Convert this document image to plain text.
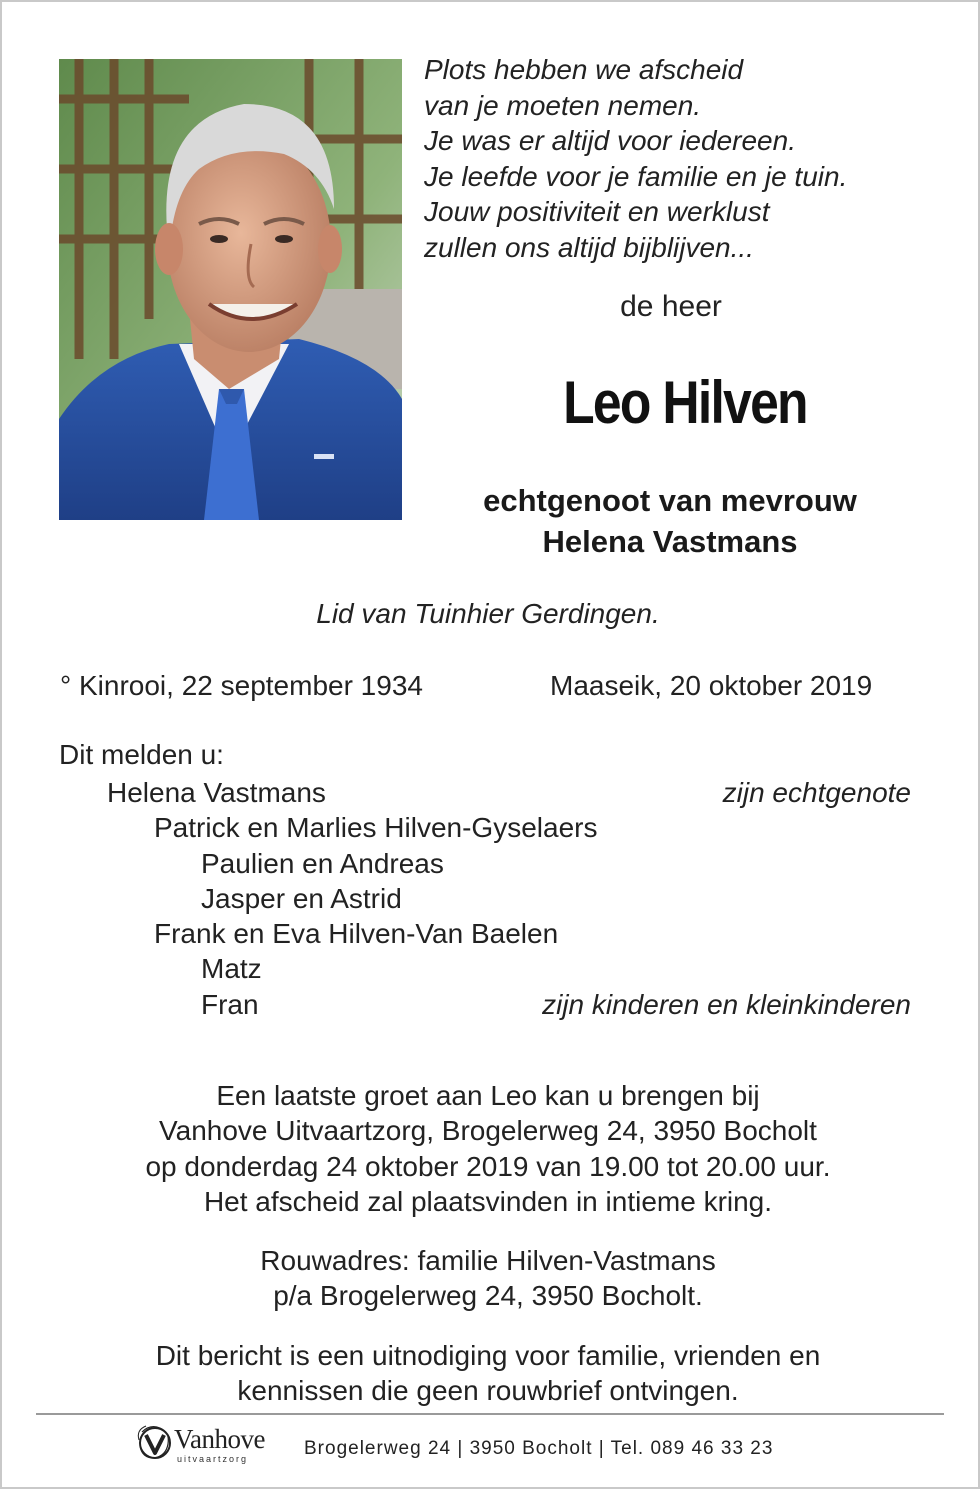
Plots hebben we afscheid
van je moeten nemen.
Je was er altijd voor iedereen.
Je leefde voor je familie en je tuin.
Jouw positiviteit en werklust
zullen ons altijd bijblijven...
de heer
Leo Hilven
echtgenoot van mevrouw
Helena Vastmans
Lid van Tuinhier Gerdingen.
° Kinrooi, 22 september 1934	Maaseik, 20 oktober 2019
Dit melden u:
Helena Vastmans	zijn echtgenote
Patrick en Marlies Hilven-Gyselaers
Paulien en Andreas
Jasper en Astrid
Frank en Eva Hilven-Van Baelen
Matz
Fran	zijn kinderen en kleinkinderen
Een laatste groet aan Leo kan u brengen bij
Vanhove Uitvaartzorg, Brogelerweg 24, 3950 Bocholt
op donderdag 24 oktober 2019 van 19.00 tot 20.00 uur.
Het afscheid zal plaatsvinden in intieme kring.
Rouwadres: familie Hilven-Vastmans
p/a Brogelerweg 24, 3950 Bocholt.
Dit bericht is een uitnodiging voor familie, vrienden en
kennissen die geen rouwbrief ontvingen.
Vanhove
uitvaartzorg	Brogelerweg 24 | 3950 Bocholt | Tel. 089 46 33 23
